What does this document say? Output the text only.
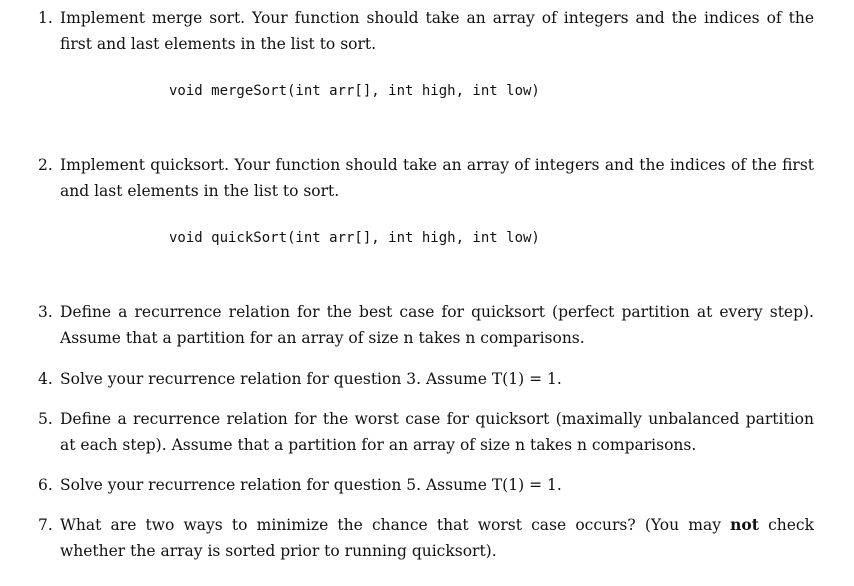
1. Implement merge sort. Your function should take an array of integers and the indices of the first and last elements in the list to sort.

void mergeSort(int arr[], int high, int low)
2. Implement quicksort. Your function should take an array of integers and the indices of the first and last elements in the list to sort.

void quickSort(int arr[], int high, int low)
3. Define a recurrence relation for the best case for quicksort (perfect partition at every step). Assume that a partition for an array of size n takes n comparisons.

4. Solve your recurrence relation for question 3. Assume T(1) = 1.

5. Define a recurrence relation for the worst case for quicksort (maximally unbalanced partition at each step). Assume that a partition for an array of size n takes n comparisons.

6. Solve your recurrence relation for question 5. Assume T(1) = 1.

7. What are two ways to minimize the chance that worst case occurs? (You may not check whether the array is sorted prior to running quicksort).
